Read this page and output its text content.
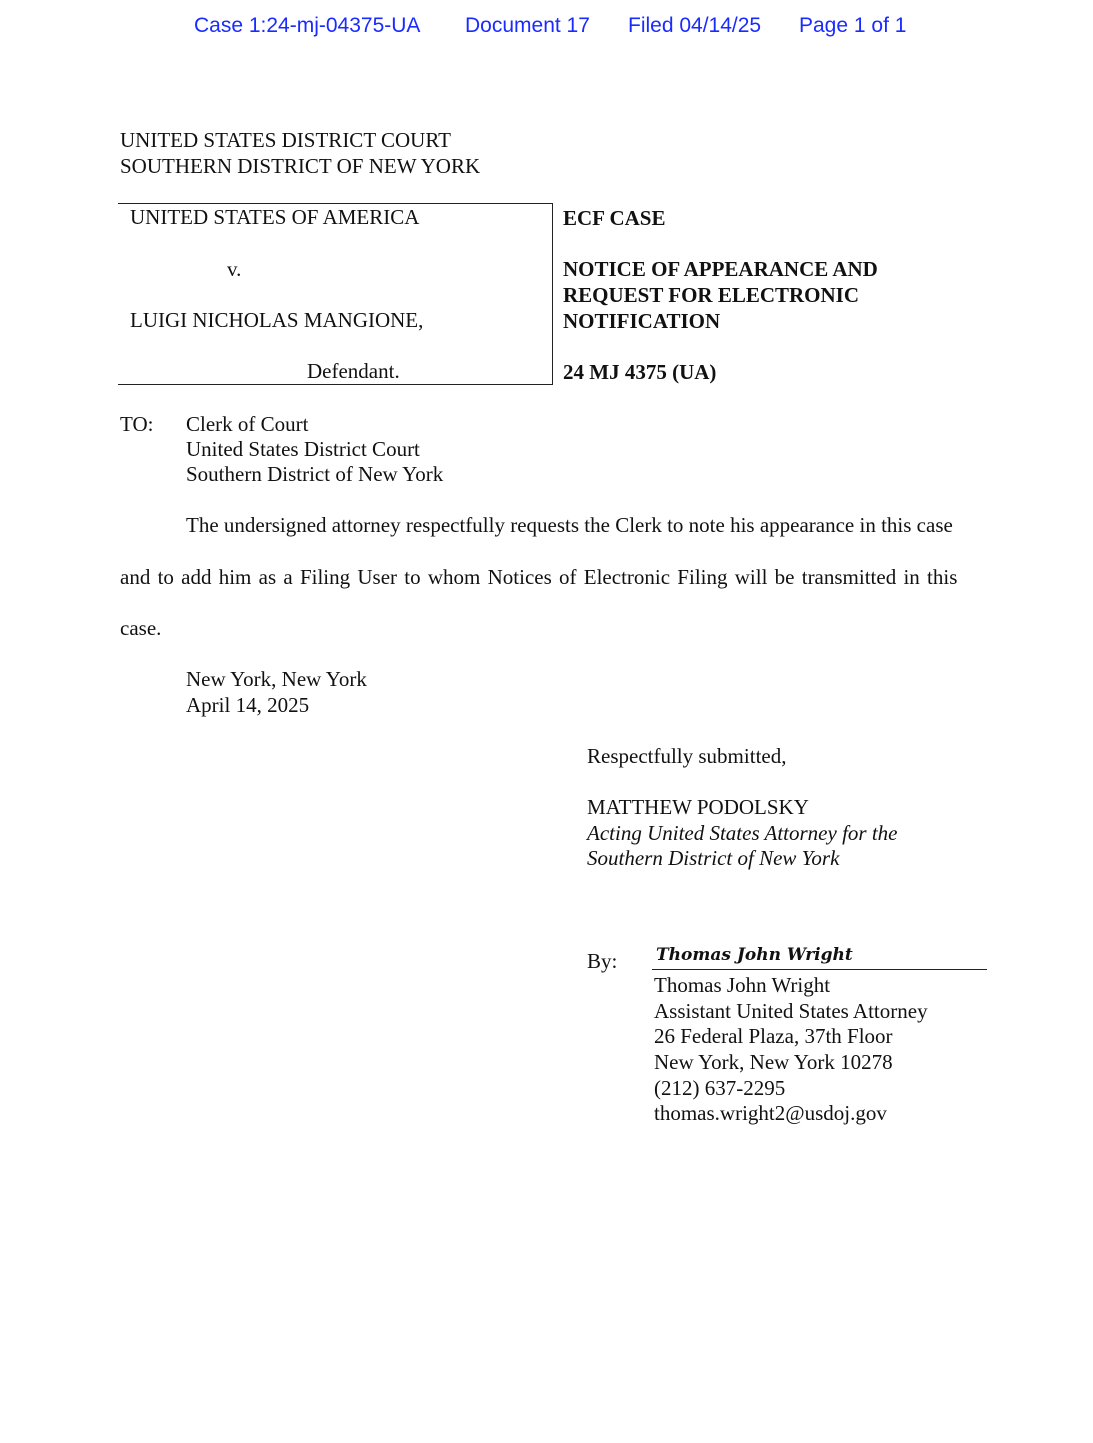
Case 1:24-mj-04375-UA Document 17 Filed 04/14/25 Page 1 of 1
UNITED STATES DISTRICT COURT
SOUTHERN DISTRICT OF NEW YORK
UNITED STATES OF AMERICA
v.
LUIGI NICHOLAS MANGIONE,
Defendant.
ECF CASE
NOTICE OF APPEARANCE AND
REQUEST FOR ELECTRONIC
NOTIFICATION
24 MJ 4375 (UA)
TO: Clerk of Court
United States District Court
Southern District of New York
The undersigned attorney respectfully requests the Clerk to note his appearance in this case
and to add him as a Filing User to whom Notices of Electronic Filing will be transmitted in this
case.
New York, New York
April 14, 2025
Respectfully submitted,
MATTHEW PODOLSKY
Acting United States Attorney for the
Southern District of New York
By: Thomas John Wright
Thomas John Wright
Assistant United States Attorney
26 Federal Plaza, 37th Floor
New York, New York 10278
(212) 637-2295
thomas.wright2@usdoj.gov
